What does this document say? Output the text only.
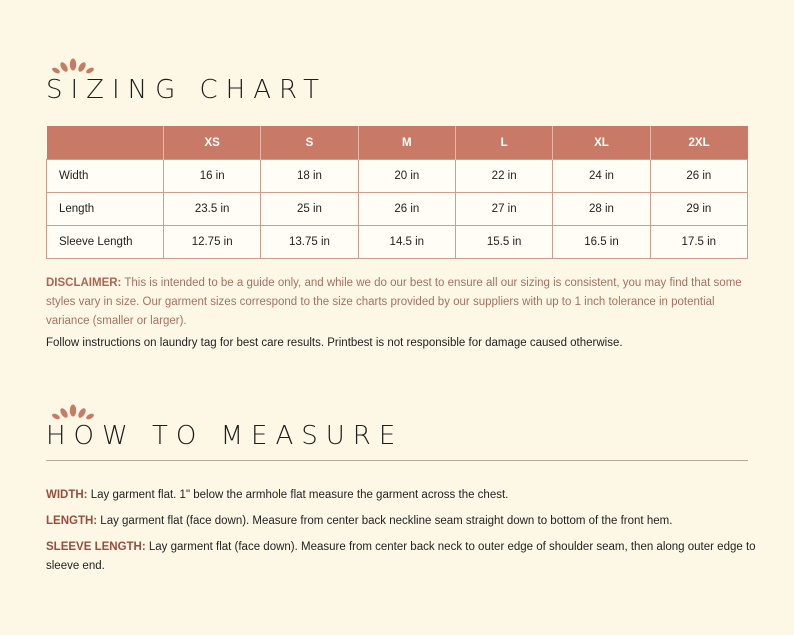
SIZING CHART
	XS	S	M	L	XL	2XL
Width	16 in	18 in	20 in	22 in	24 in	26 in
Length	23.5 in	25 in	26 in	27 in	28 in	29 in
Sleeve Length	12.75 in	13.75 in	14.5 in	15.5 in	16.5 in	17.5 in

DISCLAIMER: This is intended to be a guide only, and while we do our best to ensure all our sizing is consistent, you may find that some styles vary in size. Our garment sizes correspond to the size charts provided by our suppliers with up to 1 inch tolerance in potential variance (smaller or larger).

Follow instructions on laundry tag for best care results. Printbest is not responsible for damage caused otherwise.

HOW TO MEASURE

WIDTH: Lay garment flat. 1" below the armhole flat measure the garment across the chest.

LENGTH: Lay garment flat (face down). Measure from center back neckline seam straight down to bottom of the front hem.

SLEEVE LENGTH: Lay garment flat (face down). Measure from center back neck to outer edge of shoulder seam, then along outer edge to sleeve end.
